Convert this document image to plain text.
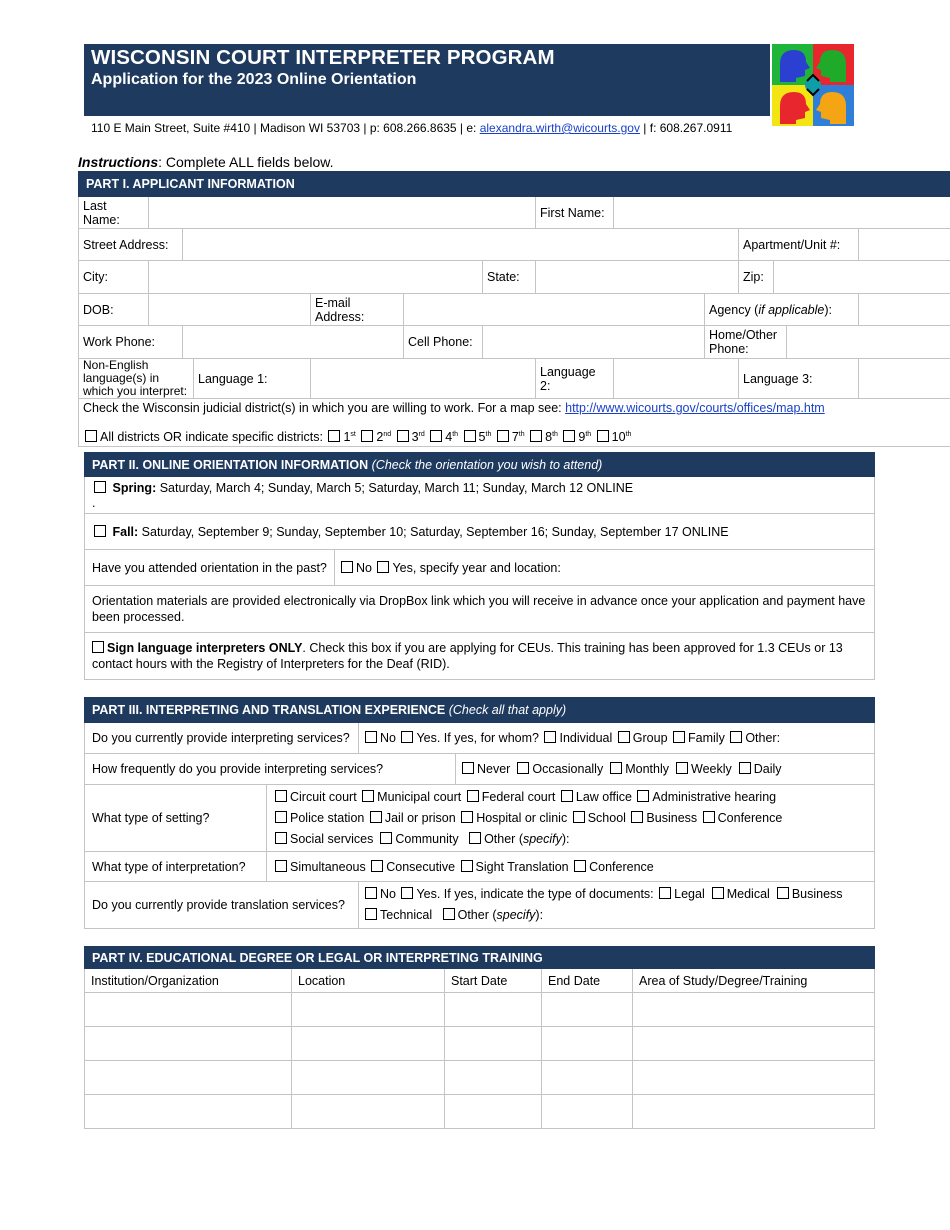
WISCONSIN COURT INTERPRETER PROGRAM
Application for the 2023 Online Orientation
110 E Main Street, Suite #410 | Madison WI 53703 | p: 608.266.8635 | e: alexandra.wirth@wicourts.gov | f: 608.267.0911
Instructions: Complete ALL fields below.
PART I. APPLICANT INFORMATION													
Last Name:							First Name:						
Street Address:										Apartment/Unit #:			
City:						State:				Zip:			
DOB:				E-mail Address:					Agency (if applicable):				
Work Phone:					Cell Phone:				Home/Other Phone:				
Non-English language(s) in which you interpret:			Language 1:				Language 2:			Language 3:			

Check the Wisconsin judicial district(s) in which you are willing to work. For a map see: http://www.wicourts.gov/courts/offices/map.htm
All districts OR indicate specific districts: 1st 2nd 3rd 4th 5th 7th 8th 9th 10th
PART II. ONLINE ORIENTATION INFORMATION (Check the orientation you wish to attend)
Spring: Saturday, March 4; Sunday, March 5; Saturday, March 11; Sunday, March 12 ONLINE
.

Fall: Saturday, September 9; Sunday, September 10; Saturday, September 16; Sunday, September 17 ONLINE
Have you attended orientation in the past?	No Yes, specify year and location:
Orientation materials are provided electronically via DropBox link which you will receive in advance once your application and payment have been processed.
Sign language interpreters ONLY. Check this box if you are applying for CEUs. This training has been approved for 1.3 CEUs or 13 contact hours with the Registry of Interpreters for the Deaf (RID).
PART III. INTERPRETING AND TRANSLATION EXPERIENCE (Check all that apply)			
Do you currently provide interpreting services?		No Yes. If yes, for whom? Individual Group Family Other:	
How frequently do you provide interpreting services?			Never Occasionally Monthly Weekly Daily
What type of setting?	Circuit court Municipal court Federal court Law office Administrative hearing
Police station Jail or prison Hospital or clinic School Business Conference
Social services Community Other (specify):		

What type of interpretation?	Simultaneous Consecutive Sight Translation Conference		
Do you currently provide translation services?		No Yes. If yes, indicate the type of documents: Legal Medical Business
Technical Other (specify):	
PART IV. EDUCATIONAL DEGREE OR LEGAL OR INTERPRETING TRAINING				
Institution/Organization	Location	Start Date	End Date	Area of Study/Degree/Training
